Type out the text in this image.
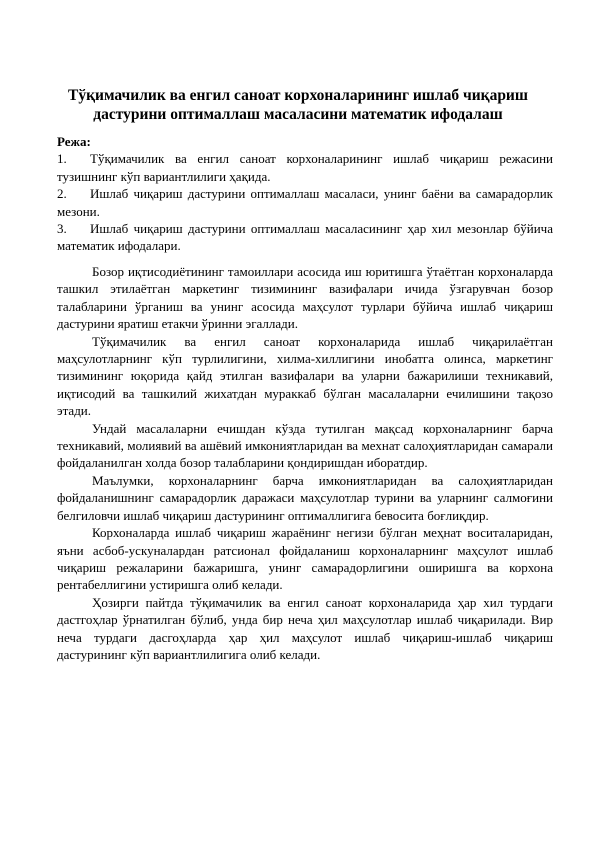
Тўқимачилик ва енгил саноат корхоналарининг ишлаб чиқариш дастурини оптималлаш масаласини математик ифодалаш
Режа:
1. Тўқимачилик ва енгил саноат корхоналарининг ишлаб чиқариш режасини тузишнинг кўп вариантлилиги ҳақида.
2. Ишлаб чиқариш дастурини оптималлаш масаласи, унинг баёни ва самарадорлик мезони.
3. Ишлаб чиқариш дастурини оптималлаш масаласининг ҳар хил мезонлар бўйича математик ифодалари.

Бозор иқтисодиётининг тамоиллари асосида иш юритишга ўтаётган корхоналарда ташкил этилаётган маркетинг тизимининг вазифалари ичида ўзгарувчан бозор талабларини ўрганиш ва унинг асосида маҳсулот турлари бўйича ишлаб чиқариш дастурини яратиш етакчи ўринни эгаллади.

Тўқимачилик ва енгил саноат корхоналарида ишлаб чиқарилаётган маҳсулотларнинг кўп турлилигини, хилма-хиллигини инобатга олинса, маркетинг тизимининг юқорида қайд этилган вазифалари ва уларни бажарилиши техникавий, иқтисодий ва ташкилий жихатдан мураккаб бўлган масалаларни ечилишини тақозо этади.

Ундай масалаларни ечишдан кўзда тутилган мақсад корхоналарнинг барча техникавий, молиявий ва ашёвий имкониятларидан ва мехнат салоҳиятларидан самарали фойдаланилган холда бозор талабларини қондиришдан иборатдир.

Маълумки, корхоналарнинг барча имкониятларидан ва салоҳиятларидан фойдаланишнинг самарадорлик даражаси маҳсулотлар турини ва уларнинг салмоғини белгиловчи ишлаб чиқариш дастурининг оптималлигига бевосита боғлиқдир.

Корхоналарда ишлаб чиқариш жараёнинг негизи бўлган меҳнат воситаларидан, яъни асбоб-ускуналардан ратсионал фойдаланиш корхоналарнинг маҳсулот ишлаб чиқариш режаларини бажаришга, унинг самарадорлигини оширишга ва корхона рентабеллигини устиришга олиб келади.

Ҳозирги пайтда тўқимачилик ва енгил саноат корхоналарида ҳар хил турдаги дастгоҳлар ўрнатилган бўлиб, унда бир неча ҳил маҳсулотлар ишлаб чиқарилади. Вир неча турдаги дасгоҳларда ҳар ҳил маҳсулот ишлаб чиқариш-ишлаб чиқариш дастурининг кўп вариантлилигига олиб келади.
